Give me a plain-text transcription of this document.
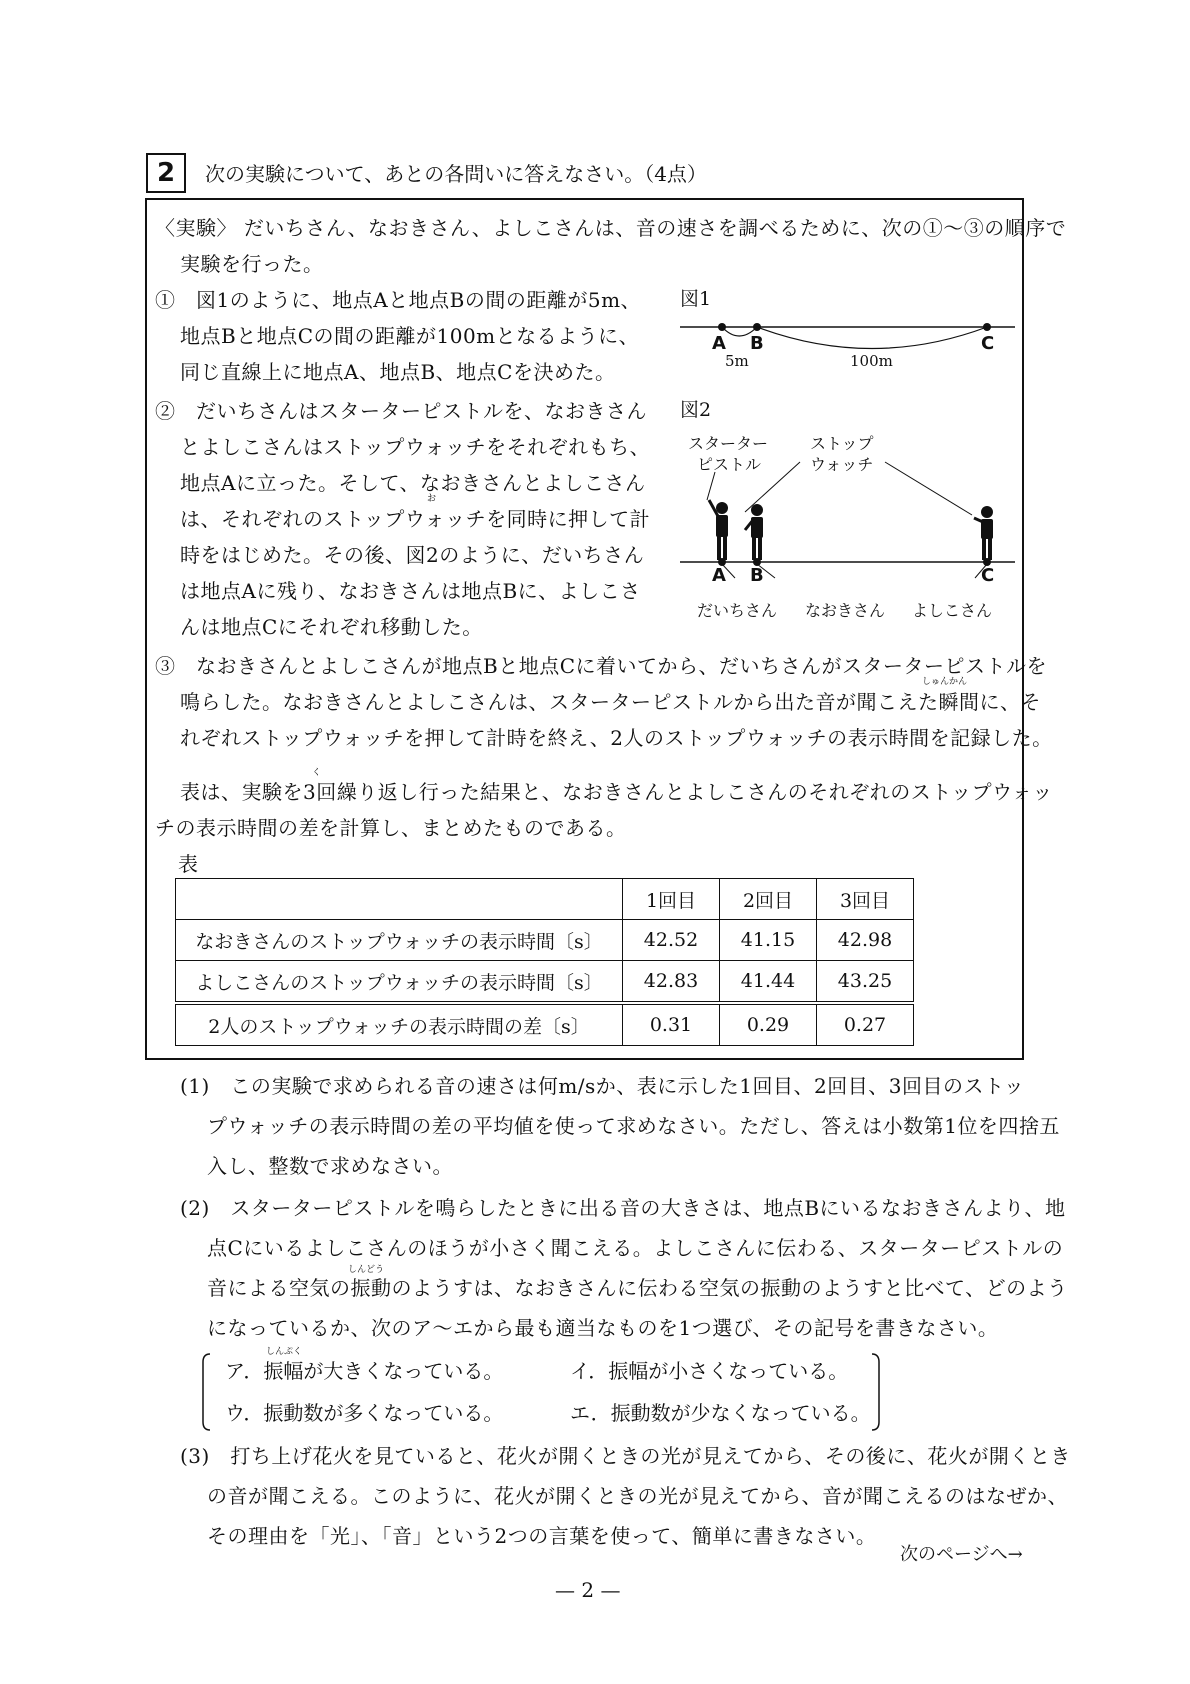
2	次の実験について、あとの各問いに答えなさい。（4点）
〈実験〉 だいちさん、なおきさん、よしこさんは、音の速さを調べるために、次の①～③の順序で
実験を行った。
①　図1のように、地点Aと地点Bの間の距離が5m、
地点Bと地点Cの間の距離が100mとなるように、
同じ直線上に地点A、地点B、地点Cを決めた。
②　だいちさんはスターターピストルを、なおきさん
とよしこさんはストップウォッチをそれぞれもち、
地点Aに立った。そして、なおきさんとよしこさん
お
は、それぞれのストップウォッチを同時に押して計
時をはじめた。その後、図2のように、だいちさん
は地点Aに残り、なおきさんは地点Bに、よしこさ
んは地点Cにそれぞれ移動した。
③　なおきさんとよしこさんが地点Bと地点Cに着いてから、だいちさんがスターターピストルを
しゅんかん
鳴らした。なおきさんとよしこさんは、スターターピストルから出た音が聞こえた瞬間に、そ
れぞれストップウォッチを押して計時を終え、2人のストップウォッチの表示時間を記録した。
く
表は、実験を3回繰り返し行った結果と、なおきさんとよしこさんのそれぞれのストップウォッ
チの表示時間の差を計算し、まとめたものである。
表
図1
A B	C
5m	100m
図2
スターター
ピストル
ストップ
ウォッチ
A B	C
だいちさん なおきさん よしこさん
	1回目	2回目	3回目
なおきさんのストップウォッチの表示時間〔s〕	42.52	41.15	42.98
よしこさんのストップウォッチの表示時間〔s〕	42.83	41.44	43.25
2人のストップウォッチの表示時間の差〔s〕	0.31	0.29	0.27
(1)　この実験で求められる音の速さは何m/sか、表に示した1回目、2回目、3回目のストッ
プウォッチの表示時間の差の平均値を使って求めなさい。ただし、答えは小数第1位を四捨五
入し、整数で求めなさい。
(2)　スターターピストルを鳴らしたときに出る音の大きさは、地点Bにいるなおきさんより、地
点Cにいるよしこさんのほうが小さく聞こえる。よしこさんに伝わる、スターターピストルの
しんどう
音による空気の振動のようすは、なおきさんに伝わる空気の振動のようすと比べて、どのよう
になっているか、次のア～エから最も適当なものを1つ選び、その記号を書きなさい。
しんぷく
ア．振幅が大きくなっている。	イ．振幅が小さくなっている。
ウ．振動数が多くなっている。	エ．振動数が少なくなっている。
(3)　打ち上げ花火を見ていると、花火が開くときの光が見えてから、その後に、花火が開くとき
の音が聞こえる。このように、花火が開くときの光が見えてから、音が聞こえるのはなぜか、
その理由を「光」、「音」という2つの言葉を使って、簡単に書きなさい。
次のページへ→
— 2 —
